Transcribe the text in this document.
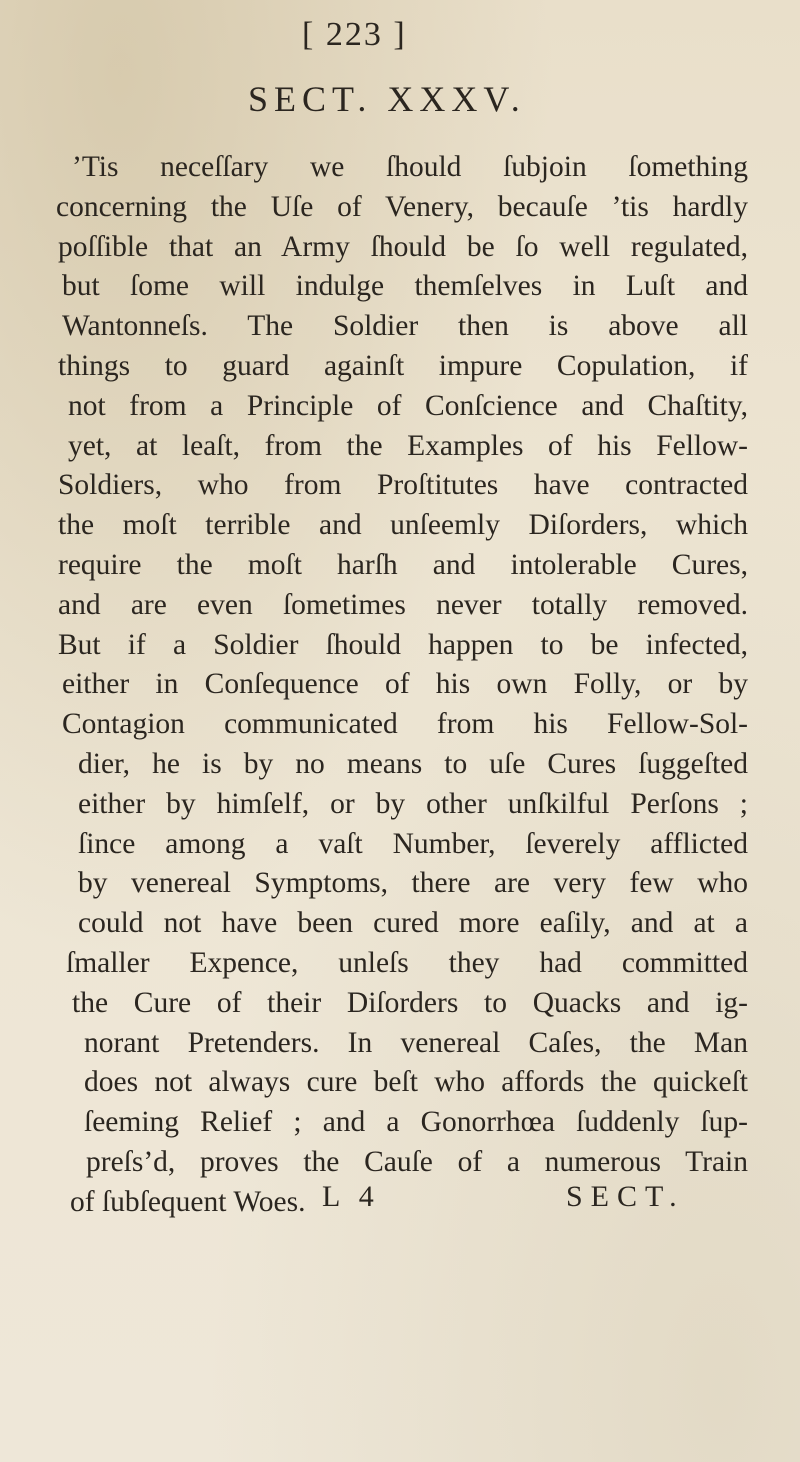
[ 223 ]
SECT. XXXV.
’Tis neceſſary we ſhould ſubjoin ſomething
concerning the Uſe of Venery, becauſe ’tis hardly
poſſible that an Army ſhould be ſo well regulated,
but ſome will indulge themſelves in Luſt and
Wantonneſs. The Soldier then is above all
things to guard againſt impure Copulation, if
not from a Principle of Conſcience and Chaſtity,
yet, at leaſt, from the Examples of his Fellow-
Soldiers, who from Proſtitutes have contracted
the moſt terrible and unſeemly Diſorders, which
require the moſt harſh and intolerable Cures,
and are even ſometimes never totally removed.
But if a Soldier ſhould happen to be infected,
either in Conſequence of his own Folly, or by
Contagion communicated from his Fellow-Sol-
dier, he is by no means to uſe Cures ſuggeſted
either by himſelf, or by other unſkilful Perſons ;
ſince among a vaſt Number, ſeverely afflicted
by venereal Symptoms, there are very few who
could not have been cured more eaſily, and at a
ſmaller Expence, unleſs they had committed
the Cure of their Diſorders to Quacks and ig-
norant Pretenders. In venereal Caſes, the Man
does not always cure beſt who affords the quickeſt
ſeeming Relief ; and a Gonorrhœa ſuddenly ſup-
preſs’d, proves the Cauſe of a numerous Train
of ſubſequent Woes. L 4	SECT.
